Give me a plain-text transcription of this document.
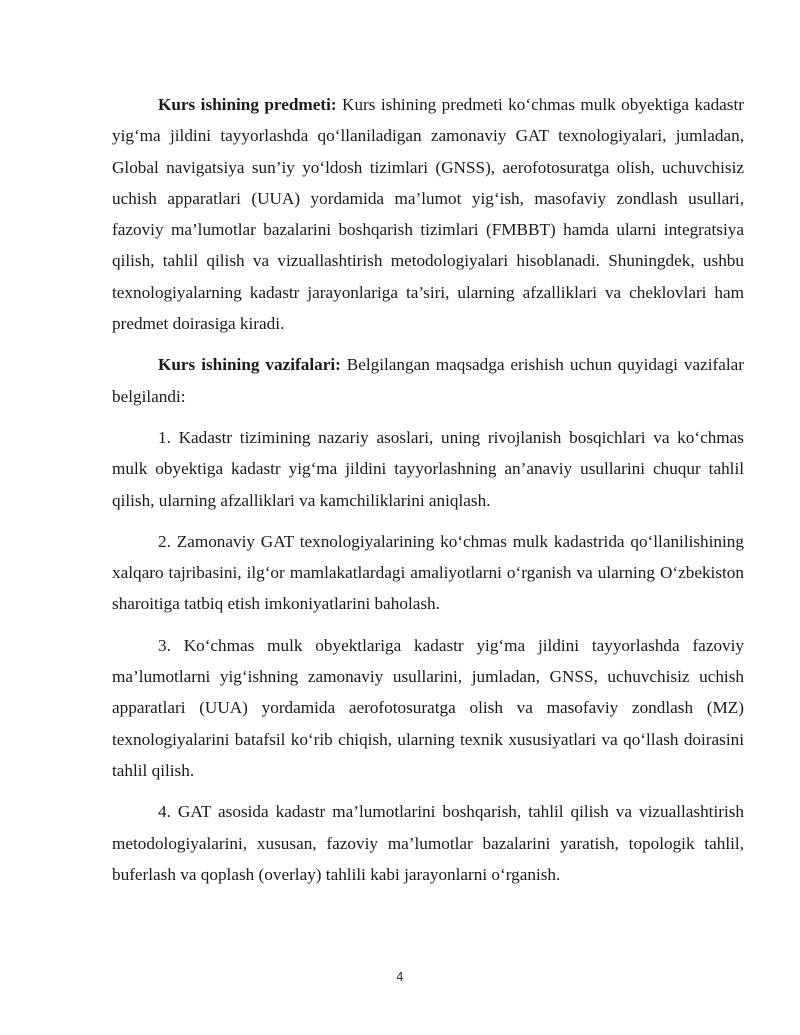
Kurs ishining predmeti: Kurs ishining predmeti ko‘chmas mulk obyektiga kadastr yig‘ma jildini tayyorlashda qo‘llaniladigan zamonaviy GAT texnologiyalari, jumladan, Global navigatsiya sun’iy yo‘ldosh tizimlari (GNSS), aerofotosuratga olish, uchuvchisiz uchish apparatlari (UUA) yordamida ma’lumot yig‘ish, masofaviy zondlash usullari, fazoviy ma’lumotlar bazalarini boshqarish tizimlari (FMBBT) hamda ularni integratsiya qilish, tahlil qilish va vizuallashtirish metodologiyalari hisoblanadi. Shuningdek, ushbu texnologiyalarning kadastr jarayonlariga ta’siri, ularning afzalliklari va cheklovlari ham predmet doirasiga kiradi.

Kurs ishining vazifalari: Belgilangan maqsadga erishish uchun quyidagi vazifalar belgilandi:

1. Kadastr tizimining nazariy asoslari, uning rivojlanish bosqichlari va ko‘chmas mulk obyektiga kadastr yig‘ma jildini tayyorlashning an’anaviy usullarini chuqur tahlil qilish, ularning afzalliklari va kamchiliklarini aniqlash.

2. Zamonaviy GAT texnologiyalarining ko‘chmas mulk kadastrida qo‘llanilishining xalqaro tajribasini, ilg‘or mamlakatlardagi amaliyotlarni o‘rganish va ularning O‘zbekiston sharoitiga tatbiq etish imkoniyatlarini baholash.

3. Ko‘chmas mulk obyektlariga kadastr yig‘ma jildini tayyorlashda fazoviy ma’lumotlarni yig‘ishning zamonaviy usullarini, jumladan, GNSS, uchuvchisiz uchish apparatlari (UUA) yordamida aerofotosuratga olish va masofaviy zondlash (MZ) texnologiyalarini batafsil ko‘rib chiqish, ularning texnik xususiyatlari va qo‘llash doirasini tahlil qilish.

4. GAT asosida kadastr ma’lumotlarini boshqarish, tahlil qilish va vizuallashtirish metodologiyalarini, xususan, fazoviy ma’lumotlar bazalarini yaratish, topologik tahlil, buferlash va qoplash (overlay) tahlili kabi jarayonlarni o‘rganish.

4
